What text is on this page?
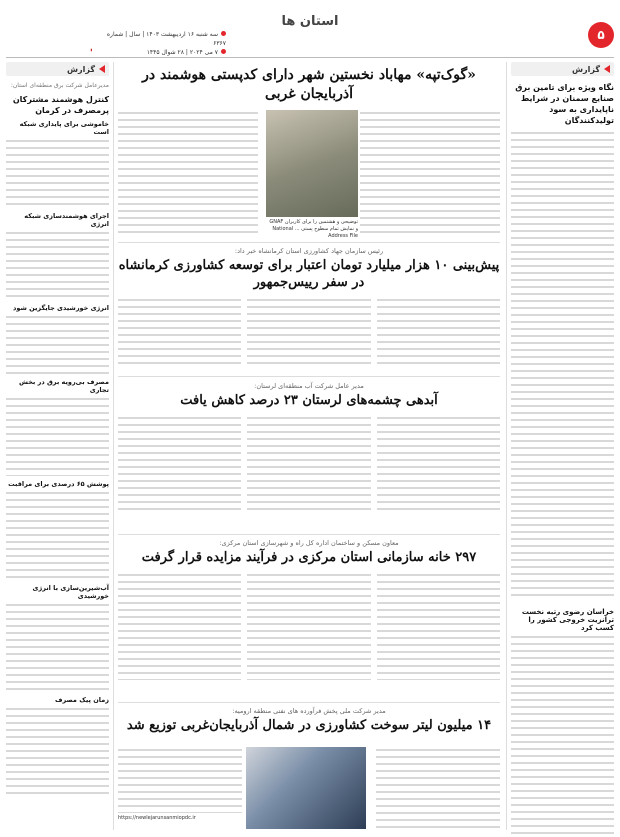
۵
استان ها
سه شنبه ۱۶ اردیبهشت ۱۴۰۳ | سال | شماره ۶۳۶۷
۷ می ۲۰۲۴ | ۲۸ شوال ۱۴۴۵
گزارش
نگاه ویژه برای تامین برق صنایع سمنان در شرایط ناپایداری به سود تولیدکنندگان
خراسان رضوی رتبه نخست ترانزیت خروجی کشور را کسب کرد
گزارش
مدیرعامل شرکت برق منطقه‌ای استان:
کنترل هوشمند مشترکان پرمصرف در کرمان
خاموشی برای پایداری شبکه است
اجرای هوشمندسازی شبکه انرژی
انرژی خورشیدی جایگزین شود
مصرف بی‌رویه برق در بخش تجاری
پوشش ۶۵ درصدی برای مراقبت
آب‌شیرین‌سازی با انرژی خورشیدی
زمان پیک مصرف
«گوک‌تپه» مهاباد نخستین شهر دارای کدپستی هوشمند در آذربایجان غربی
توضیحی و هشتمین را برای کاربران GNAF و نمایش تمام سطوح پستی ... National Address File
رئیس سازمان جهاد کشاورزی استان کرمانشاه خبر داد:
پیش‌بینی ۱۰ هزار میلیارد تومان اعتبار برای توسعه کشاورزی کرمانشاه در سفر رییس‌جمهور
مدیر عامل شرکت آب منطقه‌ای لرستان:
آبدهی چشمه‌های لرستان ۲۳ درصد کاهش یافت
معاون مسکن و ساختمان اداره کل راه و شهرسازی استان مرکزی:
۲۹۷ خانه سازمانی استان مرکزی در فرآیند مزایده قرار گرفت
مدیر شرکت ملی پخش فرآورده های نفتی منطقه ارومیه:
۱۴ میلیون لیتر سوخت کشاورزی در شمال آذربایجان‌غربی توزیع شد
https://newlejarunsanmiopdc.ir
